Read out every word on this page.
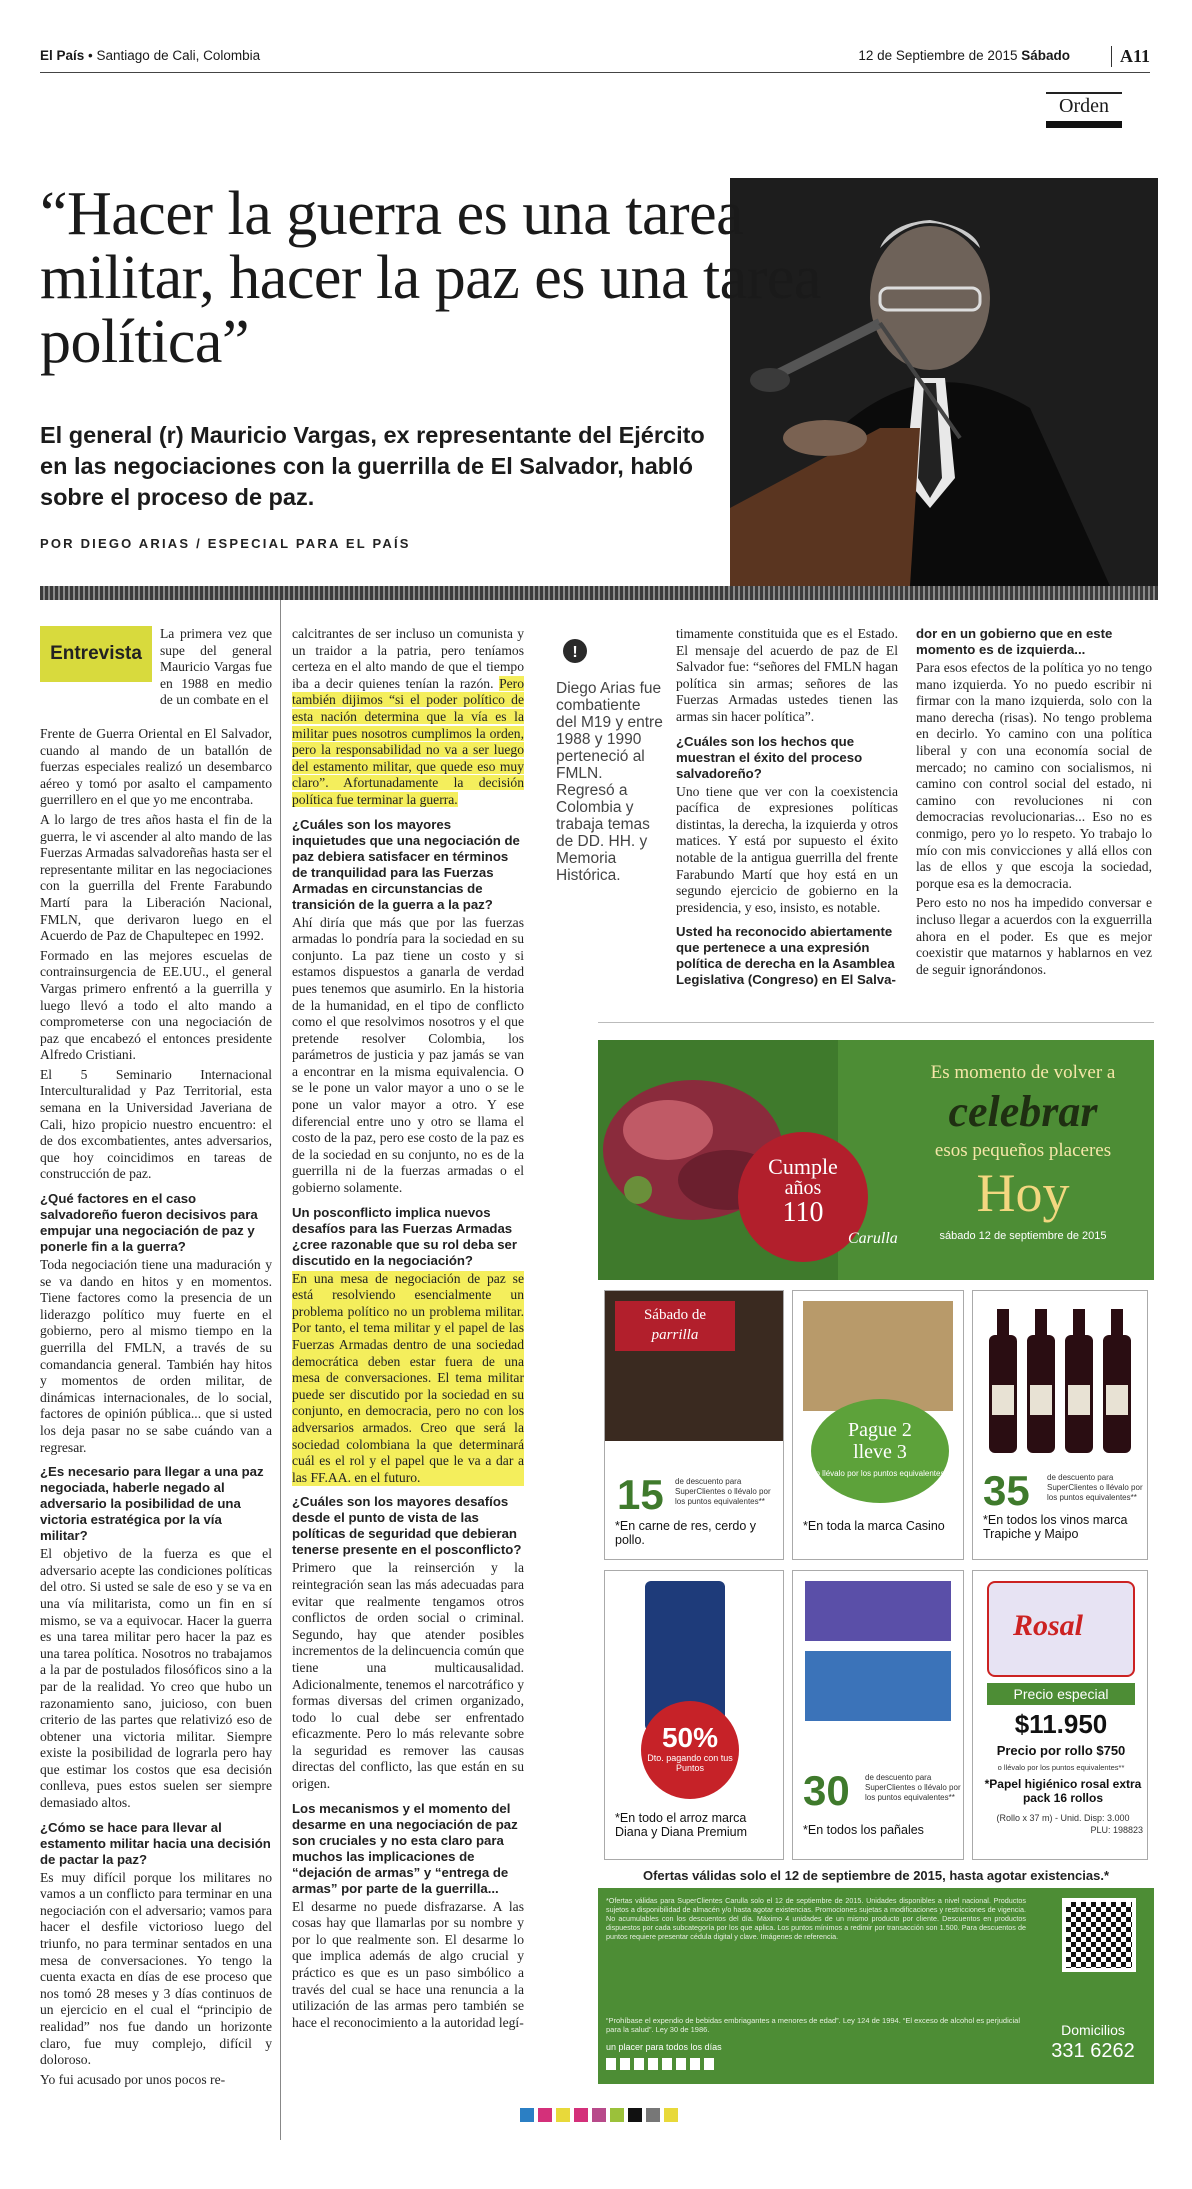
El País • Santiago de Cali, Colombia	12 de Septiembre de 2015 Sábado	A11
Orden
“Hacer la guerra es una tarea militar, hacer la paz es una tarea política”
El general (r) Mauricio Vargas, ex representante del Ejército en las negociaciones con la guerrilla de El Salvador, habló sobre el proceso de paz.
POR DIEGO ARIAS / ESPECIAL PARA EL PAÍS
Entrevista

La primera vez que supe del general Mauricio Vargas fue en 1988 en medio de un combate en el

Frente de Guerra Oriental en El Salvador, cuando al mando de un batallón de fuerzas especiales realizó un desembarco aéreo y tomó por asalto el campamento guerrillero en el que yo me encontraba.

A lo largo de tres años hasta el fin de la guerra, le vi ascender al alto mando de las Fuerzas Armadas salvadoreñas hasta ser el representante militar en las negociaciones con la guerrilla del Frente Farabundo Martí para la Liberación Nacional, FMLN, que derivaron luego en el Acuerdo de Paz de Chapultepec en 1992.

Formado en las mejores escuelas de contrainsurgencia de EE.UU., el general Vargas primero enfrentó a la guerrilla y luego llevó a todo el alto mando a comprometerse con una negociación de paz que encabezó el entonces presidente Alfredo Cristiani.

El 5 Seminario Internacional Interculturalidad y Paz Territorial, esta semana en la Universidad Javeriana de Cali, hizo propicio nuestro encuentro: el de dos excombatientes, antes adversarios, que hoy coincidimos en tareas de construcción de paz.

¿Qué factores en el caso salvadoreño fueron decisivos para empujar una negociación de paz y ponerle fin a la guerra?

Toda negociación tiene una maduración y se va dando en hitos y en momentos. Tiene factores como la presencia de un liderazgo político muy fuerte en el gobierno, pero al mismo tiempo en la guerrilla del FMLN, a través de su comandancia general. También hay hitos y momentos de orden militar, de dinámicas internacionales, de lo social, factores de opinión pública... que si usted los deja pasar no se sabe cuándo van a regresar.

¿Es necesario para llegar a una paz negociada, haberle negado al adversario la posibilidad de una victoria estratégica por la vía militar?

El objetivo de la fuerza es que el adversario acepte las condiciones políticas del otro. Si usted se sale de eso y se va en una vía militarista, como un fin en sí mismo, se va a equivocar. Hacer la guerra es una tarea militar pero hacer la paz es una tarea política. Nosotros no trabajamos a la par de postulados filosóficos sino a la par de la realidad. Yo creo que hubo un razonamiento sano, juicioso, con buen criterio de las partes que relativizó eso de obtener una victoria militar. Siempre existe la posibilidad de lograrla pero hay que estimar los costos que esa decisión conlleva, pues estos suelen ser siempre demasiado altos.

¿Cómo se hace para llevar al estamento militar hacia una decisión de pactar la paz?

Es muy difícil porque los militares no vamos a un conflicto para terminar en una negociación con el adversario; vamos para hacer el desfile victorioso luego del triunfo, no para terminar sentados en una mesa de conversaciones. Yo tengo la cuenta exacta en días de ese proceso que nos tomó 28 meses y 3 días continuos de un ejercicio en el cual el “principio de realidad” nos fue dando un horizonte claro, fue muy complejo, difícil y doloroso.

Yo fui acusado por unos pocos re-

calcitrantes de ser incluso un comunista y un traidor a la patria, pero teníamos certeza en el alto mando de que el tiempo iba a decir quienes tenían la razón. Pero también dijimos “si el poder político de esta nación determina que la vía es la militar pues nosotros cumplimos la orden, pero la responsabilidad no va a ser luego del estamento militar, que quede eso muy claro”. Afortunadamente la decisión política fue terminar la guerra.

¿Cuáles son los mayores inquietudes que una negociación de paz debiera satisfacer en términos de tranquilidad para las Fuerzas Armadas en circunstancias de transición de la guerra a la paz?

Ahí diría que más que por las fuerzas armadas lo pondría para la sociedad en su conjunto. La paz tiene un costo y si estamos dispuestos a ganarla de verdad pues tenemos que asumirlo. En la historia de la humanidad, en el tipo de conflicto como el que resolvimos nosotros y el que pretende resolver Colombia, los parámetros de justicia y paz jamás se van a encontrar en la misma equivalencia. O se le pone un valor mayor a uno o se le pone un valor mayor a otro. Y ese diferencial entre uno y otro se llama el costo de la paz, pero ese costo de la paz es de la sociedad en su conjunto, no es de la guerrilla ni de la fuerzas armadas o el gobierno solamente.

Un posconflicto implica nuevos desafíos para las Fuerzas Armadas ¿cree razonable que su rol deba ser discutido en la negociación?

En una mesa de negociación de paz se está resolviendo esencialmente un problema político no un problema militar. Por tanto, el tema militar y el papel de las Fuerzas Armadas dentro de una sociedad democrática deben estar fuera de una mesa de conversaciones. El tema militar puede ser discutido por la sociedad en su conjunto, en democracia, pero no con los adversarios armados. Creo que será la sociedad colombiana la que determinará cuál es el rol y el papel que le va a dar a las FF.AA. en el futuro.

¿Cuáles son los mayores desafíos desde el punto de vista de las políticas de seguridad que debieran tenerse presente en el posconflicto?

Primero que la reinserción y la reintegración sean las más adecuadas para evitar que realmente tengamos otros conflictos de orden social o criminal. Segundo, hay que atender posibles incrementos de la delincuencia común que tiene una multicausalidad. Adicionalmente, tenemos el narcotráfico y formas diversas del crimen organizado, todo lo cual debe ser enfrentado eficazmente. Pero lo más relevante sobre la seguridad es remover las causas directas del conflicto, las que están en su origen.

Los mecanismos y el momento del desarme en una negociación de paz son cruciales y no esta claro para muchos las implicaciones de “dejación de armas” y “entrega de armas” por parte de la guerrilla...

El desarme no puede disfrazarse. A las cosas hay que llamarlas por su nombre y por lo que realmente son. El desarme lo que implica además de algo crucial y práctico es que es un paso simbólico a través del cual se hace una renuncia a la utilización de las armas pero también se hace el reconocimiento a la autoridad legí-

!
Diego Arias fue combatiente del M19 y entre 1988 y 1990 perteneció al FMLN. Regresó a Colombia y trabaja temas de DD. HH. y Memoria Histórica.

timamente constituida que es el Estado. El mensaje del acuerdo de paz de El Salvador fue: “señores del FMLN hagan política sin armas; señores de las Fuerzas Armadas ustedes tienen las armas sin hacer política”.

¿Cuáles son los hechos que muestran el éxito del proceso salvadoreño?

Uno tiene que ver con la coexistencia pacífica de expresiones políticas distintas, la derecha, la izquierda y otros matices. Y está por supuesto el éxito notable de la antigua guerrilla del frente Farabundo Martí que hoy está en un segundo ejercicio de gobierno en la presidencia, y eso, insisto, es notable.

Usted ha reconocido abiertamente que pertenece a una expresión política de derecha en la Asamblea Legislativa (Congreso) en El Salva-
dor en un gobierno que en este momento es de izquierda...

Para esos efectos de la política yo no tengo mano izquierda. Yo no puedo escribir ni firmar con la mano izquierda, solo con la mano derecha (risas). No tengo problema en decirlo. Yo camino con una política liberal y con una economía social de mercado; no camino con socialismos, ni camino con control social del estado, ni camino con revoluciones ni con democracias revolucionarias... Eso no es conmigo, pero yo lo respeto. Yo trabajo lo mío con mis convicciones y allá ellos con las de ellos y que escoja la sociedad, porque esa es la democracia.

Pero esto no nos ha impedido conversar e incluso llegar a acuerdos con la exguerrilla ahora en el poder. Es que es mejor coexistir que matarnos y hablarnos en vez de seguir ignorándonos.

Cumple
años
110
Carulla
Es momento de volver a
celebrar
esos pequeños placeres
Hoy
sábado 12 de septiembre de 2015
Sábado de
parrilla
15 de descuento para SuperClientes o llévalo por los puntos equivalentes**
*En carne de res, cerdo y pollo.
Pague 2
lleve 3
o llévalo por los puntos equivalentes
*En toda la marca Casino
35 de descuento para SuperClientes o llévalo por los puntos equivalentes**
*En todos los vinos marca Trapiche y Maipo
50%
Dto. pagando con tus Puntos
*En todo el arroz marca Diana y Diana Premium
30 de descuento para SuperClientes o llévalo por los puntos equivalentes**
*En todos los pañales
Rosal
Precio especial
$11.950
Precio por rollo $750
o llévalo por los puntos equivalentes**
*Papel higiénico rosal extra pack 16 rollos
(Rollo x 37 m) - Unid. Disp: 3.000
PLU: 198823
Ofertas válidas solo el 12 de septiembre de 2015, hasta agotar existencias.*
*Ofertas válidas para SuperClientes Carulla solo el 12 de septiembre de 2015. Unidades disponibles a nivel nacional. Productos sujetos a disponibilidad de almacén y/o hasta agotar existencias. Promociones sujetas a modificaciones y restricciones de vigencia. No acumulables con los descuentos del día. Máximo 4 unidades de un mismo producto por cliente. Descuentos en productos dispuestos por cada subcategoría por los que aplica. Los puntos mínimos a redimir por transacción son 1.500. Para descuentos de puntos requiere presentar cédula digital y clave. Imágenes de referencia.
“Prohíbase el expendio de bebidas embriagantes a menores de edad”. Ley 124 de 1994. “El exceso de alcohol es perjudicial para la salud”. Ley 30 de 1986.
un placer para todos los días
Domicilios
331 6262
